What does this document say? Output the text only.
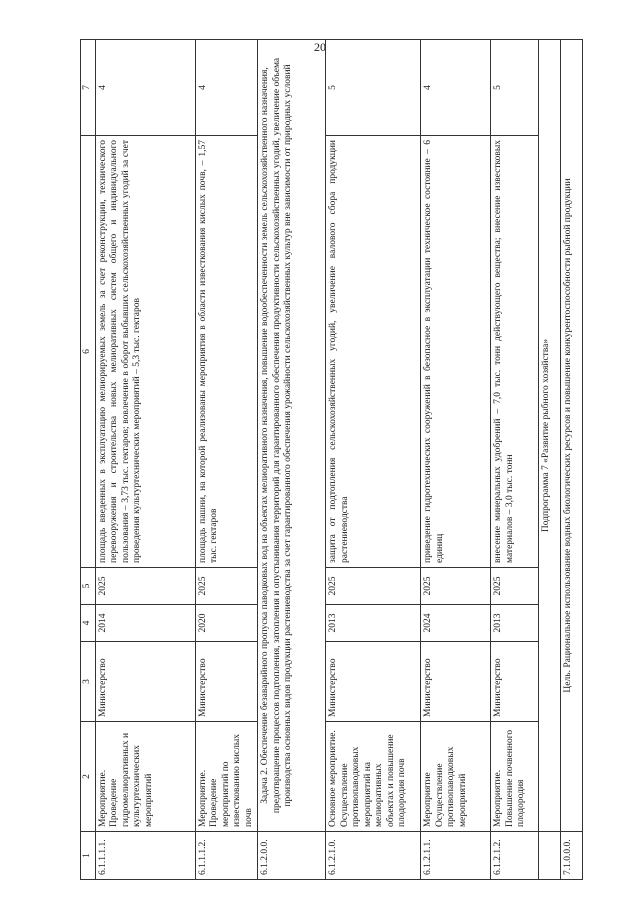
20
1	2	3	4	5	6	7
6.1.1.1.1.	Мероприятие. Проведение гидромелиоративных и культуртехнических мероприятий	Министерство	2014	2025	площадь введенных в эксплуатацию мелиорируемых земель за счет реконструкции, технического перевооружения и строительства новых мелиоративных систем общего и индивидуального пользования – 3,73 тыс. гектаров; вовлечение в оборот выбывших сельскохозяйственных угодий за счет проведения культуртехнических мероприятий – 5,3 тыс. гектаров	4
6.1.1.1.2.	Мероприятие. Проведение мероприятий по известкованию кислых почв	Министерство	2020	2025	площадь пашни, на которой реализованы мероприятия в области известкования кислых почв, – 1,57 тыс. гектаров	4
6.1.2.0.0.	Задача 2. Обеспечение безаварийного пропуска паводковых вод на объектах мелиоративного назначения, повышение водообеспеченности земель сельскохозяйственного назначения, предотвращение процессов подтопления, затопления и опустынивания территорий для гарантированного обеспечения продуктивности сельскохозяйственных угодий, увеличение объема производства основных видов продукции растениеводства за счет гарантированного обеспечения урожайности сельскохозяйственных культур вне зависимости от природных условий					
6.1.2.1.0.	Основное мероприятие. Осуществление противопаводковых мероприятий на мелиоративных объектах и повышение плодородия почв	Министерство	2013	2025	защита от подтопления сельскохозяйственных угодий, увеличение валового сбора продукции растениеводства	5
6.1.2.1.1.	Мероприятие Осуществление противопаводковых мероприятий	Министерство	2024	2025	приведение гидротехнических сооружений в безопасное в эксплуатации техническое состояние – 6 единиц	4
6.1.2.1.2.	Мероприятие. Повышение почвенного плодородия	Министерство	2013	2025	внесение минеральных удобрений – 7,0 тыс. тонн действующего вещества; внесение известковых материалов – 3,0 тыс. тонн	5
	Подпрограмма 7 «Развитие рыбного хозяйства»					
7.1.0.0.0.	Цель. Рациональное использование водных биологических ресурсов и повышение конкурентоспособности рыбной продукции					
